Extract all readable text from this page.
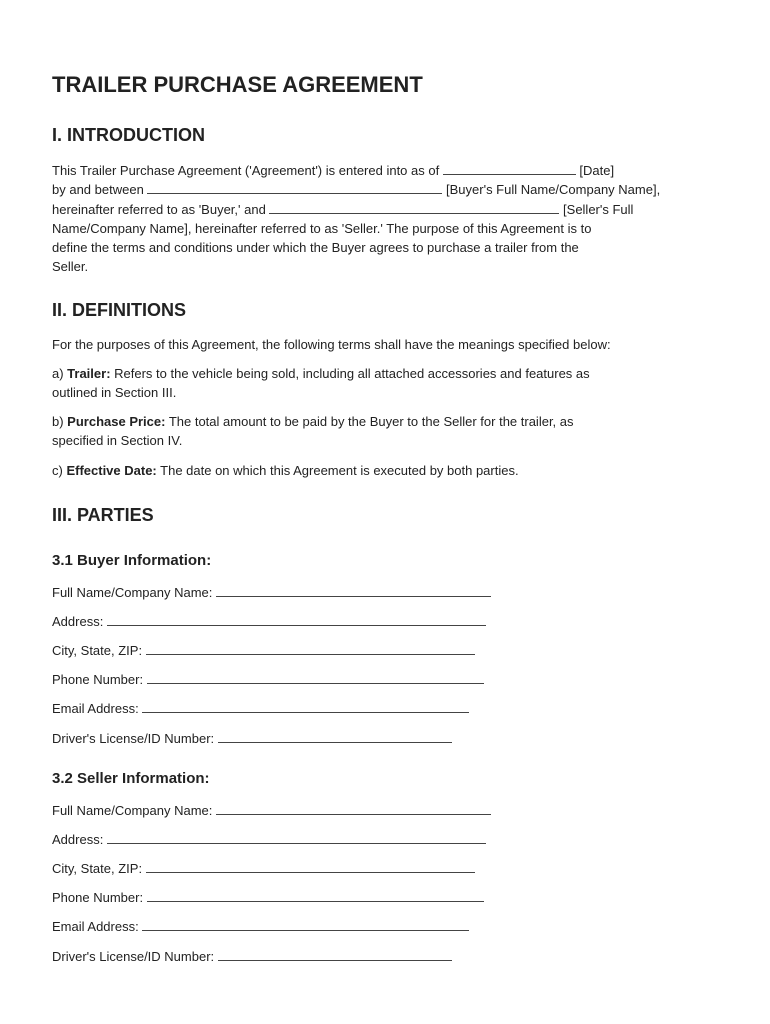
TRAILER PURCHASE AGREEMENT
I. INTRODUCTION
This Trailer Purchase Agreement ('Agreement') is entered into as of	[Date]
by and between	[Buyer's Full Name/Company Name],
hereinafter referred to as 'Buyer,' and	[Seller's Full
Name/Company Name], hereinafter referred to as 'Seller.' The purpose of this Agreement is to
define the terms and conditions under which the Buyer agrees to purchase a trailer from the
Seller.
II. DEFINITIONS
For the purposes of this Agreement, the following terms shall have the meanings specified below:
a) Trailer: Refers to the vehicle being sold, including all attached accessories and features as
outlined in Section III.
b) Purchase Price: The total amount to be paid by the Buyer to the Seller for the trailer, as
specified in Section IV.
c) Effective Date: The date on which this Agreement is executed by both parties.
III. PARTIES
3.1 Buyer Information:
Full Name/Company Name:
Address:
City, State, ZIP:
Phone Number:
Email Address:
Driver's License/ID Number:
3.2 Seller Information:
Full Name/Company Name:
Address:
City, State, ZIP:
Phone Number:
Email Address:
Driver's License/ID Number:
